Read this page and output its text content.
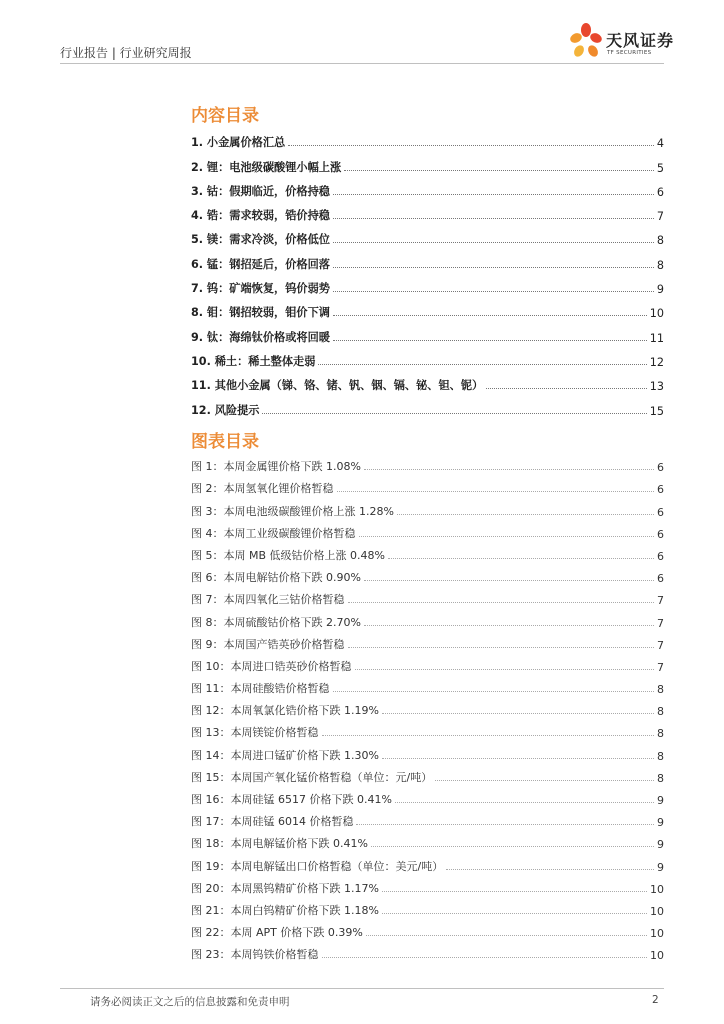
行业报告 | 行业研究周报
天风证券
TF SECURITIES
内容目录
1. 小金属价格汇总	4
2. 锂：电池级碳酸锂小幅上涨	5
3. 钴：假期临近，价格持稳	6
4. 锆：需求较弱，锆价持稳	7
5. 镁：需求冷淡，价格低位	8
6. 锰：钢招延后，价格回落	8
7. 钨：矿端恢复，钨价弱势	9
8. 钼：钢招较弱，钼价下调	10
9. 钛：海绵钛价格或将回暖	11
10. 稀土：稀土整体走弱	12
11. 其他小金属（锑、铬、锗、钒、铟、镉、铋、钽、铌）	13
12. 风险提示	15
图表目录
图 1：本周金属锂价格下跌 1.08%	6
图 2：本周氢氧化锂价格暂稳	6
图 3：本周电池级碳酸锂价格上涨 1.28%	6
图 4：本周工业级碳酸锂价格暂稳	6
图 5：本周 MB 低级钴价格上涨 0.48%	6
图 6：本周电解钴价格下跌 0.90%	6
图 7：本周四氧化三钴价格暂稳	7
图 8：本周硫酸钴价格下跌 2.70%	7
图 9：本周国产锆英砂价格暂稳	7
图 10：本周进口锆英砂价格暂稳	7
图 11：本周硅酸锆价格暂稳	8
图 12：本周氧氯化锆价格下跌 1.19%	8
图 13：本周镁锭价格暂稳	8
图 14：本周进口锰矿价格下跌 1.30%	8
图 15：本周国产氧化锰价格暂稳（单位：元/吨）	8
图 16：本周硅锰 6517 价格下跌 0.41%	9
图 17：本周硅锰 6014 价格暂稳	9
图 18：本周电解锰价格下跌 0.41%	9
图 19：本周电解锰出口价格暂稳（单位：美元/吨）	9
图 20：本周黑钨精矿价格下跌 1.17%	10
图 21：本周白钨精矿价格下跌 1.18%	10
图 22：本周 APT 价格下跌 0.39%	10
图 23：本周钨铁价格暂稳	10
请务必阅读正文之后的信息披露和免责申明	2
